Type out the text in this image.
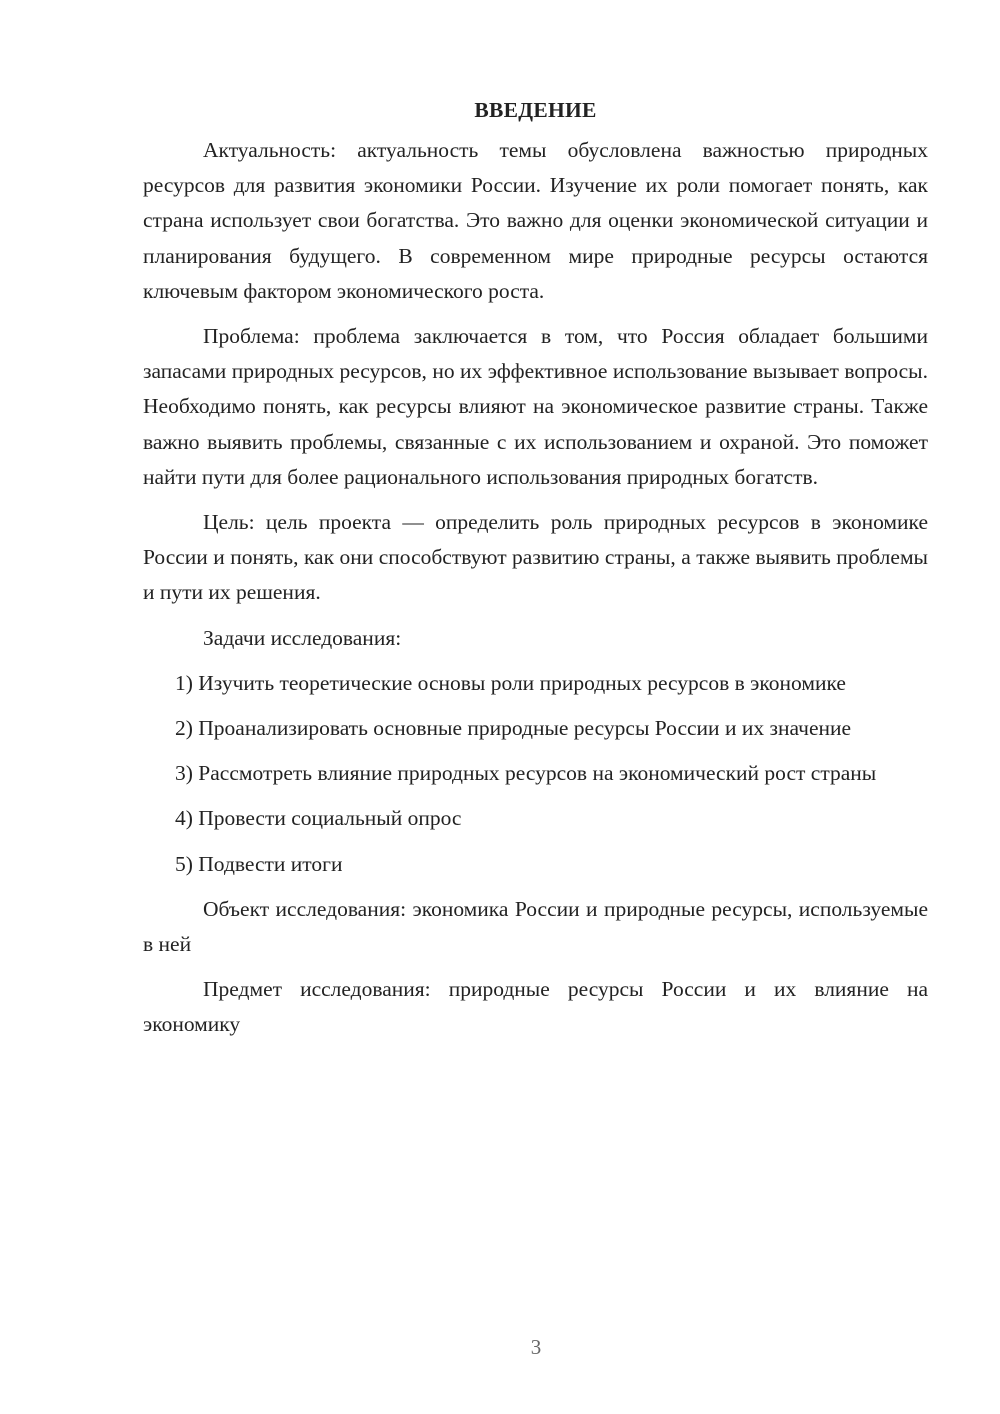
ВВЕДЕНИЕ

Актуальность: актуальность темы обусловлена важностью природных ресурсов для развития экономики России. Изучение их роли помогает понять, как страна использует свои богатства. Это важно для оценки экономической ситуации и планирования будущего. В современном мире природные ресурсы остаются ключевым фактором экономического роста.

Проблема: проблема заключается в том, что Россия обладает большими запасами природных ресурсов, но их эффективное использование вызывает вопросы. Необходимо понять, как ресурсы влияют на экономическое развитие страны. Также важно выявить проблемы, связанные с их использованием и охраной. Это поможет найти пути для более рационального использования природных богатств.

Цель: цель проекта — определить роль природных ресурсов в экономике России и понять, как они способствуют развитию страны, а также выявить проблемы и пути их решения.

Задачи исследования:

1) Изучить теоретические основы роли природных ресурсов в экономике

2) Проанализировать основные природные ресурсы России и их значение

3) Рассмотреть влияние природных ресурсов на экономический рост страны

4) Провести социальный опрос

5) Подвести итоги

Объект исследования: экономика России и природные ресурсы, используемые в ней

Предмет исследования: природные ресурсы России и их влияние на экономику

3
